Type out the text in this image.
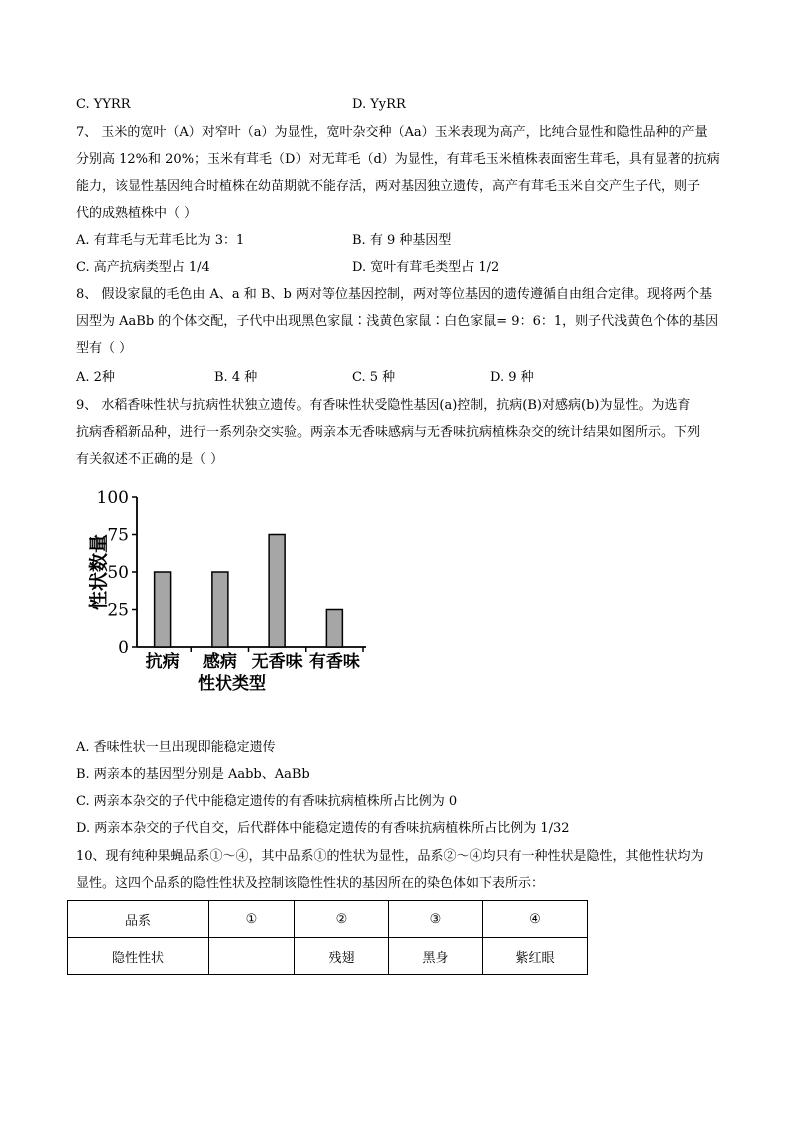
C. YYRR	D. YyRR
7、 玉米的宽叶（A）对窄叶（a）为显性，宽叶杂交种（Aa）玉米表现为高产，比纯合显性和隐性品种的产量
分别高 12%和 20%；玉米有茸毛（D）对无茸毛（d）为显性，有茸毛玉米植株表面密生茸毛，具有显著的抗病
能力，该显性基因纯合时植株在幼苗期就不能存活，两对基因独立遗传，高产有茸毛玉米自交产生子代，则子
代的成熟植株中（ ）
A. 有茸毛与无茸毛比为 3：1	B. 有 9 种基因型
C. 高产抗病类型占 1/4	D. 宽叶有茸毛类型占 1/2
8、 假设家鼠的毛色由 A、a 和 B、b 两对等位基因控制，两对等位基因的遗传遵循自由组合定律。现将两个基
因型为 AaBb 的个体交配，子代中出现黑色家鼠∶浅黄色家鼠∶白色家鼠= 9：6：1，则子代浅黄色个体的基因
型有（ ）
A. 2种	B. 4 种	C. 5 种	D. 9 种
9、 水稻香味性状与抗病性状独立遗传。有香味性状受隐性基因(a)控制，抗病(B)对感病(b)为显性。为选育
抗病香稻新品种，进行一系列杂交实验。两亲本无香味感病与无香味抗病植株杂交的统计结果如图所示。下列
有关叙述不正确的是（ ）
0
25
50
75
100
抗病 感病 无香味 有香味
性状数量
性状类型
A. 香味性状一旦出现即能稳定遗传
B. 两亲本的基因型分别是 Aabb、AaBb
C. 两亲本杂交的子代中能稳定遗传的有香味抗病植株所占比例为 0
D. 两亲本杂交的子代自交，后代群体中能稳定遗传的有香味抗病植株所占比例为 1/32
10、现有纯种果蝇品系①～④，其中品系①的性状为显性，品系②～④均只有一种性状是隐性，其他性状均为
显性。这四个品系的隐性性状及控制该隐性性状的基因所在的染色体如下表所示：
品系	①	②	③	④
隐性性状		残翅	黑身	紫红眼
